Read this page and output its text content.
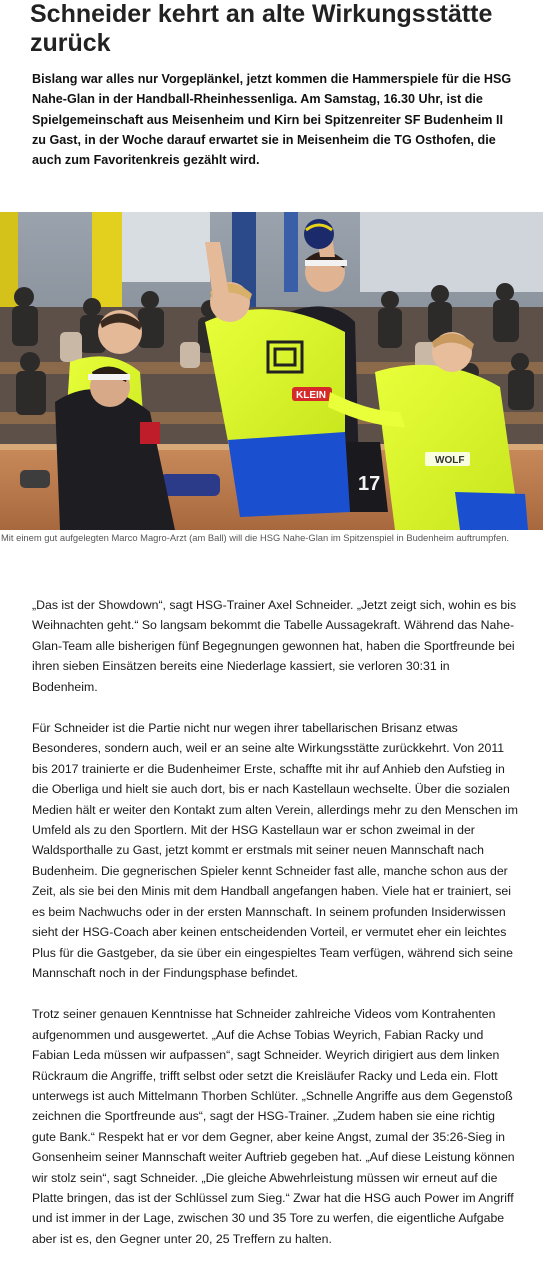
Schneider kehrt an alte Wirkungsstätte zurück

Bislang war alles nur Vorgeplänkel, jetzt kommen die Hammerspiele für die HSG Nahe-Glan in der Handball-Rheinhessenliga. Am Samstag, 16.30 Uhr, ist die Spielgemeinschaft aus Meisenheim und Kirn bei Spitzenreiter SF Budenheim II zu Gast, in der Woche darauf erwartet sie in Meisenheim die TG Osthofen, die auch zum Favoritenkreis gezählt wird.

17
KLEIN
WOLF

Mit einem gut aufgelegten Marco Magro-Arzt (am Ball) will die HSG Nahe-Glan im Spitzenspiel in Budenheim auftrumpfen.

„Das ist der Showdown“, sagt HSG-Trainer Axel Schneider. „Jetzt zeigt sich, wohin es bis Weihnachten geht.“ So langsam bekommt die Tabelle Aussagekraft. Während das Nahe-Glan-Team alle bisherigen fünf Begegnungen gewonnen hat, haben die Sportfreunde bei ihren sieben Einsätzen bereits eine Niederlage kassiert, sie verloren 30:31 in Bodenheim.

Für Schneider ist die Partie nicht nur wegen ihrer tabellarischen Brisanz etwas Besonderes, sondern auch, weil er an seine alte Wirkungsstätte zurückkehrt. Von 2011 bis 2017 trainierte er die Budenheimer Erste, schaffte mit ihr auf Anhieb den Aufstieg in die Oberliga und hielt sie auch dort, bis er nach Kastellaun wechselte. Über die sozialen Medien hält er weiter den Kontakt zum alten Verein, allerdings mehr zu den Menschen im Umfeld als zu den Sportlern. Mit der HSG Kastellaun war er schon zweimal in der Waldsporthalle zu Gast, jetzt kommt er erstmals mit seiner neuen Mannschaft nach Budenheim. Die gegnerischen Spieler kennt Schneider fast alle, manche schon aus der Zeit, als sie bei den Minis mit dem Handball angefangen haben. Viele hat er trainiert, sei es beim Nachwuchs oder in der ersten Mannschaft. In seinem profunden Insiderwissen sieht der HSG-Coach aber keinen entscheidenden Vorteil, er vermutet eher ein leichtes Plus für die Gastgeber, da sie über ein eingespieltes Team verfügen, während sich seine Mannschaft noch in der Findungsphase befindet.

Trotz seiner genauen Kenntnisse hat Schneider zahlreiche Videos vom Kontrahenten aufgenommen und ausgewertet. „Auf die Achse Tobias Weyrich, Fabian Racky und Fabian Leda müssen wir aufpassen“, sagt Schneider. Weyrich dirigiert aus dem linken Rückraum die Angriffe, trifft selbst oder setzt die Kreisläufer Racky und Leda ein. Flott unterwegs ist auch Mittelmann Thorben Schlüter. „Schnelle Angriffe aus dem Gegenstoß zeichnen die Sportfreunde aus“, sagt der HSG-Trainer. „Zudem haben sie eine richtig gute Bank.“ Respekt hat er vor dem Gegner, aber keine Angst, zumal der 35:26-Sieg in Gonsenheim seiner Mannschaft weiter Auftrieb gegeben hat. „Auf diese Leistung können wir stolz sein“, sagt Schneider. „Die gleiche Abwehrleistung müssen wir erneut auf die Platte bringen, das ist der Schlüssel zum Sieg.“ Zwar hat die HSG auch Power im Angriff und ist immer in der Lage, zwischen 30 und 35 Tore zu werfen, die eigentliche Aufgabe aber ist es, den Gegner unter 20, 25 Treffern zu halten.
